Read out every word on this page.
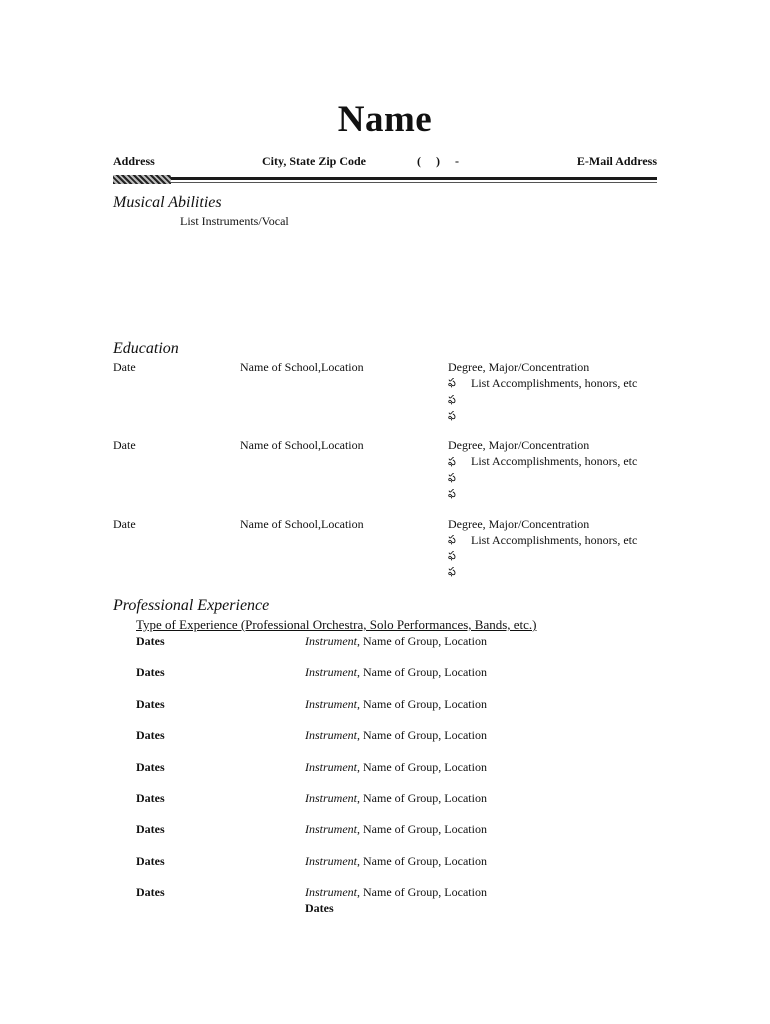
Name
Address	City, State Zip Code	(     )     -	E-Mail Address
Musical Abilities
List Instruments/Vocal
Education
Date	Name of School,Location	Degree, Major/Concentration
ఫ List Accomplishments, honors, etc
ఫ
ఫ
Date	Name of School,Location	Degree, Major/Concentration
ఫ List Accomplishments, honors, etc
ఫ
ఫ
Date	Name of School,Location	Degree, Major/Concentration
ఫ List Accomplishments, honors, etc
ఫ
ఫ
Professional Experience
Type of Experience (Professional Orchestra, Solo Performances, Bands, etc.)
Dates	Instrument, Name of Group, Location
Dates	Instrument, Name of Group, Location
Dates	Instrument, Name of Group, Location
Dates	Instrument, Name of Group, Location
Dates	Instrument, Name of Group, Location
Dates	Instrument, Name of Group, Location
Dates	Instrument, Name of Group, Location
Dates	Instrument, Name of Group, Location
Dates	Instrument, Name of Group, Location
Dates
